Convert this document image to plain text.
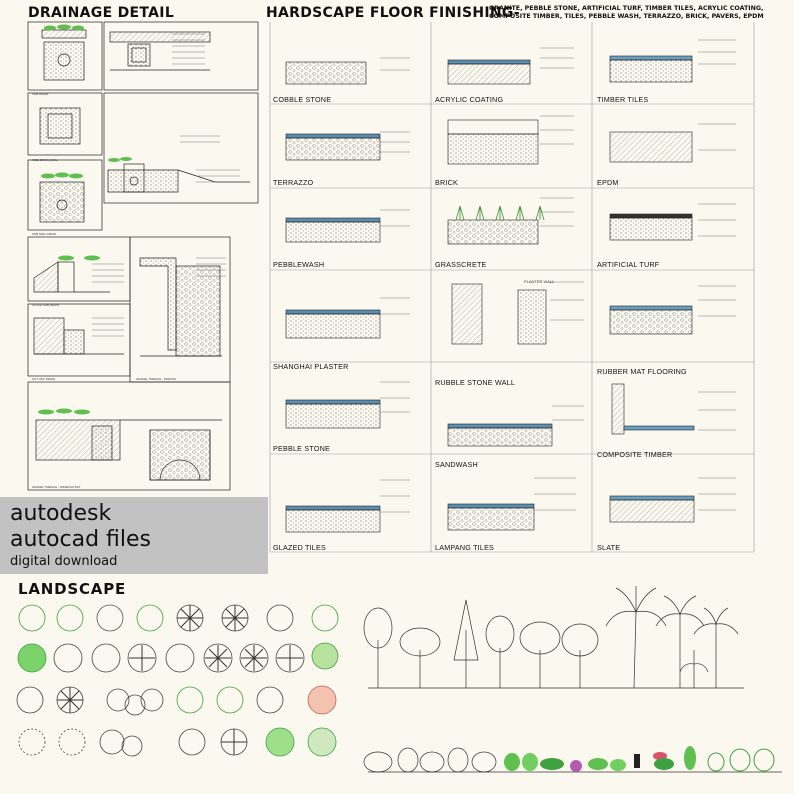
DRAINAGE DETAIL	HARDSCAPE FLOOR FINISHING-
GRANITE, PEBBLE STONE, ARTIFICIAL TURF, TIMBER TILES, ACRYLIC COATING,
COMPOSITE TIMBER, TILES, PEBBLE WASH, TERRAZZO, BRICK, PAVERS, EPDM
LANDSCAPE
SUB DRAIN
SIDE DRAIN (CUL)
SUB SOIL DRAIN
SLOPE SUB DRAIN
CUT OFF DRAIN	GRAVEL TRENCH - PODIUM
GRAVEL TRENCH - WIDE/OUTLET
COBBLE STONE	ACRYLIC COATING	TIMBER TILES
TERRAZZO	BRICK	EPDM
PEBBLEWASH	GRASSCRETE	ARTIFICIAL TURF
SHANGHAI PLASTER
RUBBLE STONE WALL
RUBBER MAT FLOORING
PEBBLE STONE
SANDWASH
COMPOSITE TIMBER
GLAZED TILES	LAMPANG TILES	SLATE
PLANTER WALL
autodesk
autocad files
digital download
